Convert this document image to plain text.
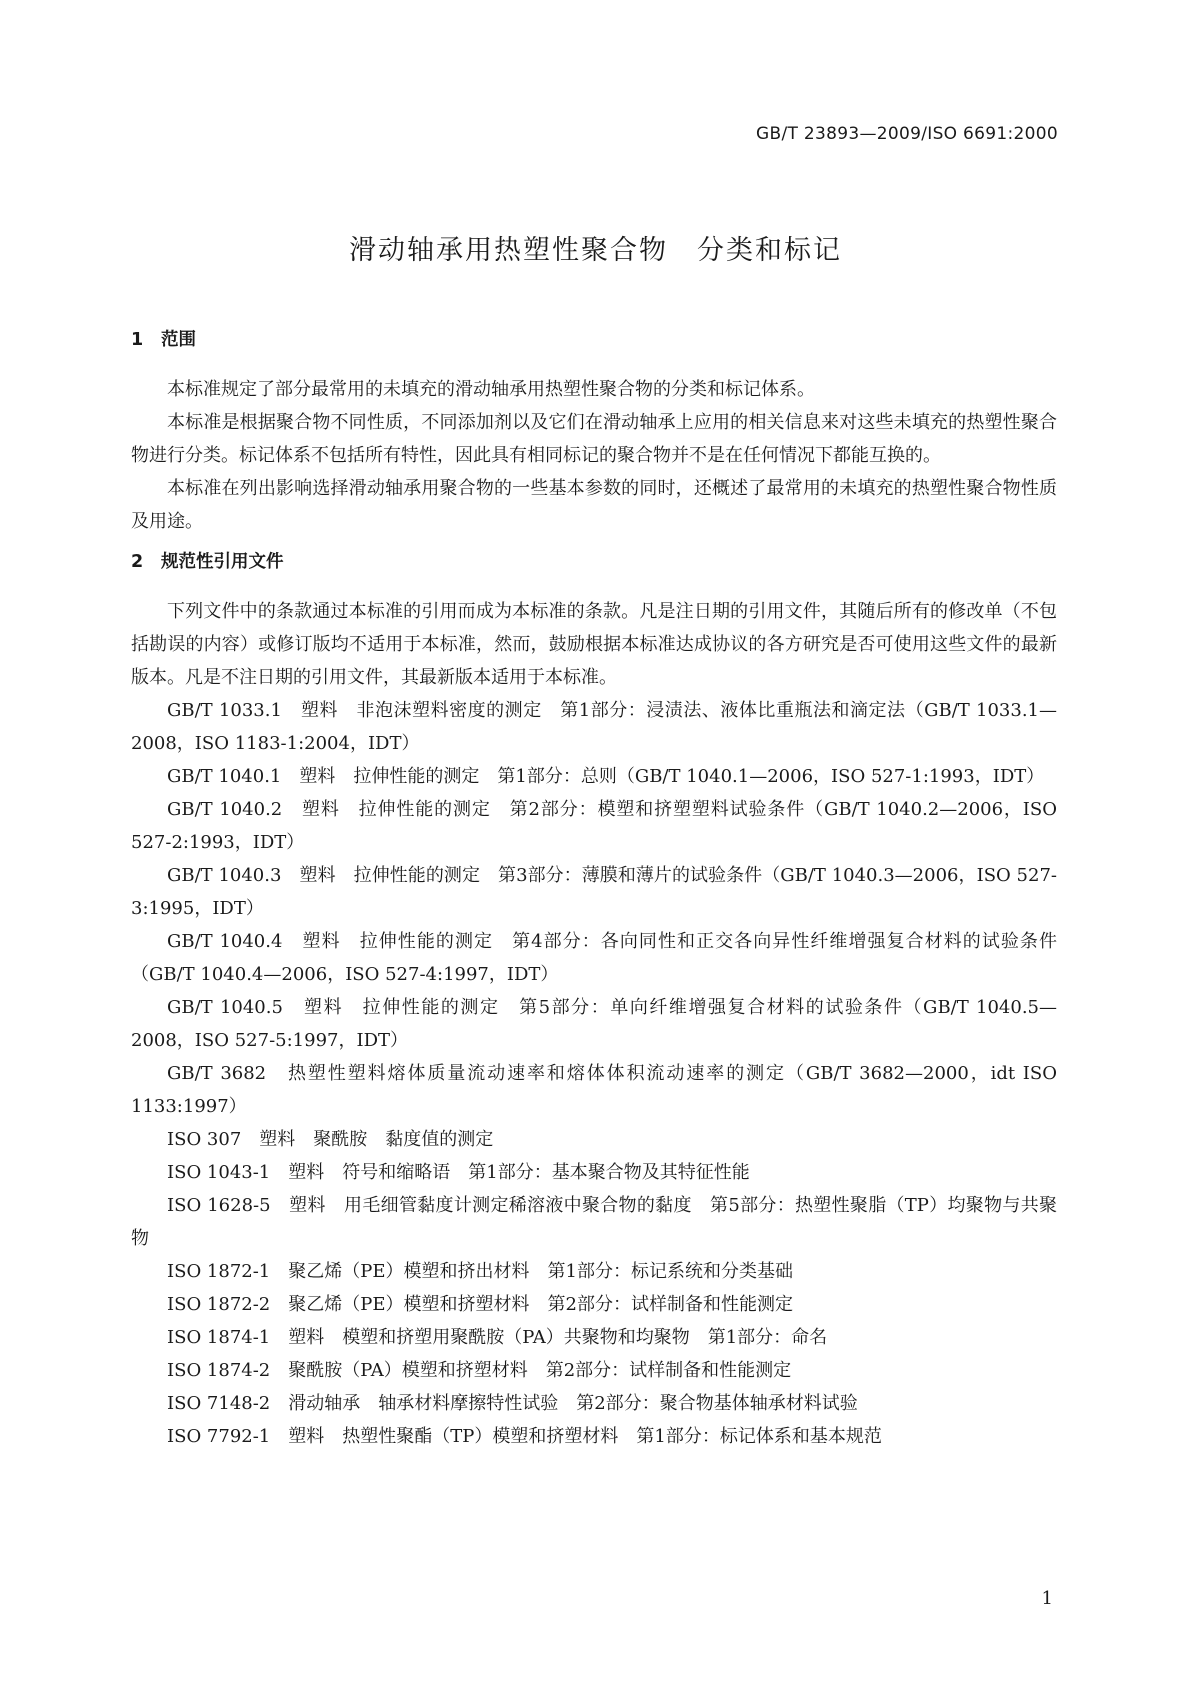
GB/T 23893—2009/ISO 6691:2000
滑动轴承用热塑性聚合物　分类和标记
1 范围

本标准规定了部分最常用的未填充的滑动轴承用热塑性聚合物的分类和标记体系。

本标准是根据聚合物不同性质，不同添加剂以及它们在滑动轴承上应用的相关信息来对这些未填充的热塑性聚合物进行分类。标记体系不包括所有特性，因此具有相同标记的聚合物并不是在任何情况下都能互换的。

本标准在列出影响选择滑动轴承用聚合物的一些基本参数的同时，还概述了最常用的未填充的热塑性聚合物性质及用途。

2 规范性引用文件

下列文件中的条款通过本标准的引用而成为本标准的条款。凡是注日期的引用文件，其随后所有的修改单（不包括勘误的内容）或修订版均不适用于本标准，然而，鼓励根据本标准达成协议的各方研究是否可使用这些文件的最新版本。凡是不注日期的引用文件，其最新版本适用于本标准。

GB/T 1033.1　塑料　非泡沫塑料密度的测定　第1部分：浸渍法、液体比重瓶法和滴定法（GB/T 1033.1—2008，ISO 1183-1:2004，IDT）

GB/T 1040.1　塑料　拉伸性能的测定　第1部分：总则（GB/T 1040.1—2006，ISO 527-1:1993，IDT）

GB/T 1040.2　塑料　拉伸性能的测定　第2部分：模塑和挤塑塑料试验条件（GB/T 1040.2—2006，ISO 527-2:1993，IDT）

GB/T 1040.3　塑料　拉伸性能的测定　第3部分：薄膜和薄片的试验条件（GB/T 1040.3—2006，ISO 527-3:1995，IDT）

GB/T 1040.4　塑料　拉伸性能的测定　第4部分：各向同性和正交各向异性纤维增强复合材料的试验条件（GB/T 1040.4—2006，ISO 527-4:1997，IDT）

GB/T 1040.5　塑料　拉伸性能的测定　第5部分：单向纤维增强复合材料的试验条件（GB/T 1040.5—2008，ISO 527-5:1997，IDT）

GB/T 3682　热塑性塑料熔体质量流动速率和熔体体积流动速率的测定（GB/T 3682—2000，idt ISO 1133:1997）

ISO 307　塑料　聚酰胺　黏度值的测定

ISO 1043-1　塑料　符号和缩略语　第1部分：基本聚合物及其特征性能

ISO 1628-5　塑料　用毛细管黏度计测定稀溶液中聚合物的黏度　第5部分：热塑性聚脂（TP）均聚物与共聚物

ISO 1872-1　聚乙烯（PE）模塑和挤出材料　第1部分：标记系统和分类基础

ISO 1872-2　聚乙烯（PE）模塑和挤塑材料　第2部分：试样制备和性能测定

ISO 1874-1　塑料　模塑和挤塑用聚酰胺（PA）共聚物和均聚物　第1部分：命名

ISO 1874-2　聚酰胺（PA）模塑和挤塑材料　第2部分：试样制备和性能测定

ISO 7148-2　滑动轴承　轴承材料摩擦特性试验　第2部分：聚合物基体轴承材料试验

ISO 7792-1　塑料　热塑性聚酯（TP）模塑和挤塑材料　第1部分：标记体系和基本规范

1
